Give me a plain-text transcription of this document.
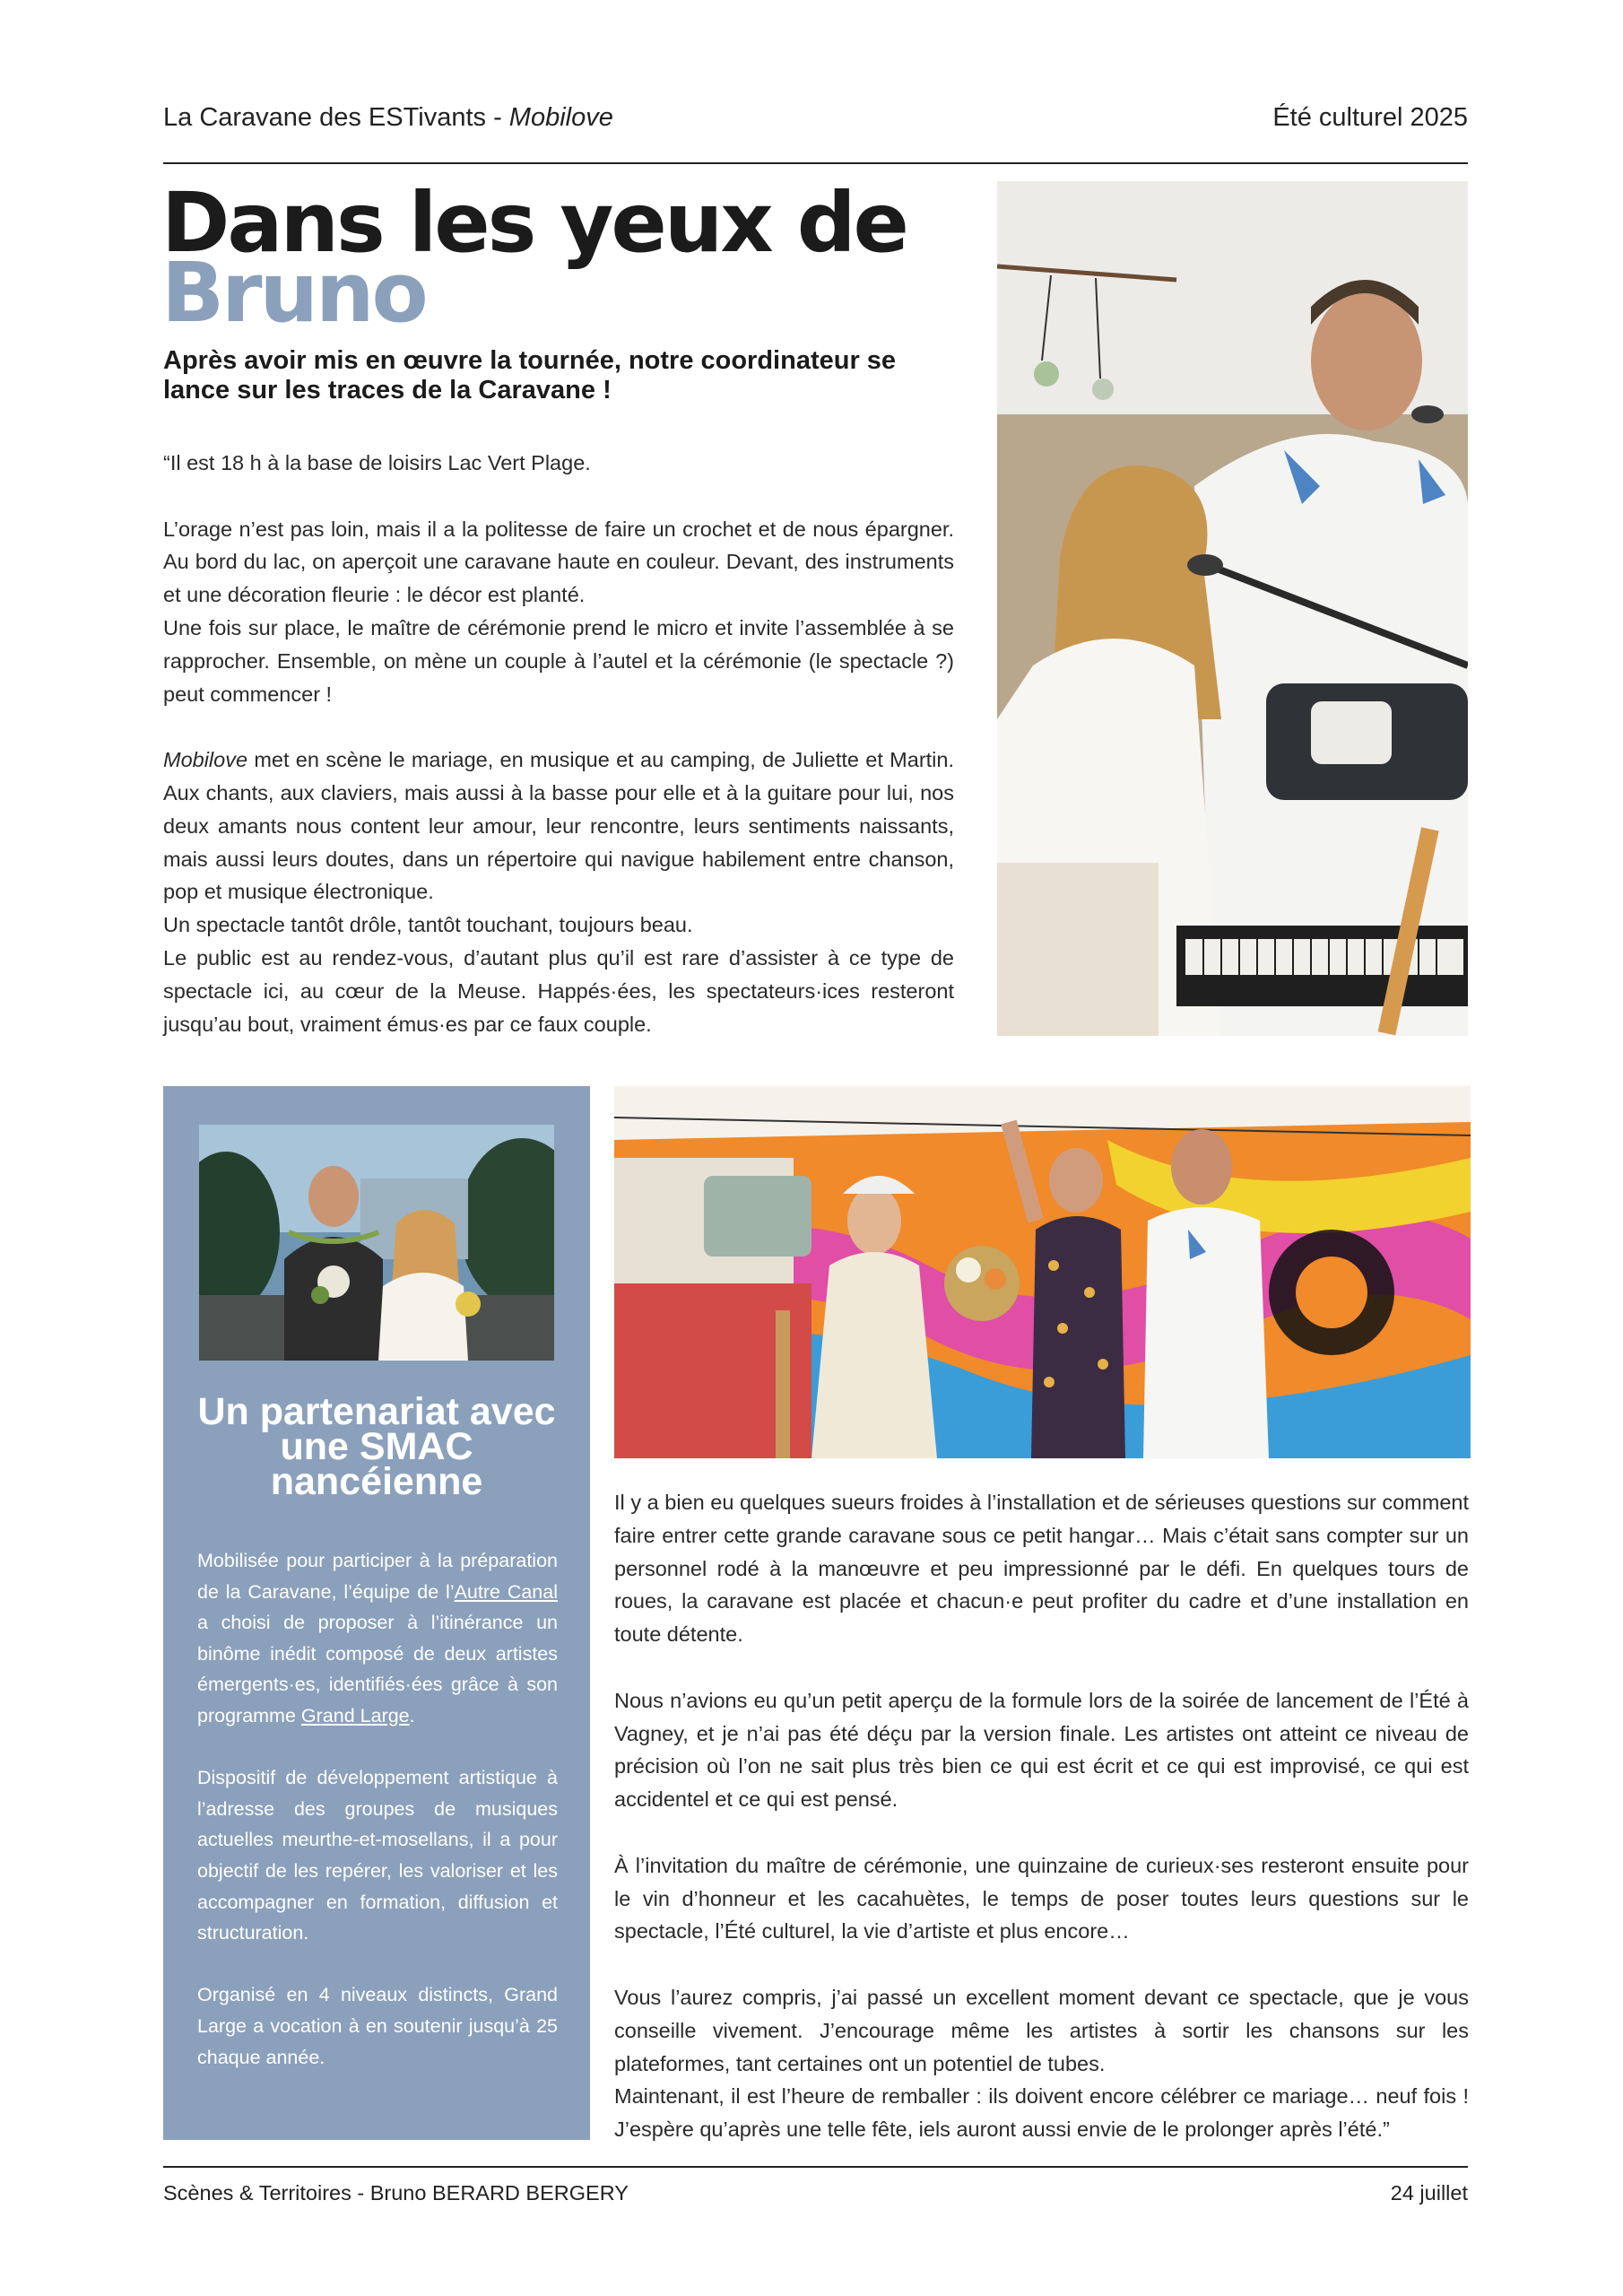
La Caravane des ESTivants - Mobilove	Été culturel 2025
Dans les yeux de
Bruno
Après avoir mis en œuvre la tournée, notre coordinateur se lance sur les traces de la Caravane !

“Il est 18 h à la base de loisirs Lac Vert Plage.

L’orage n’est pas loin, mais il a la politesse de faire un crochet et de nous épargner. Au bord du lac, on aperçoit une caravane haute en couleur. Devant, des instruments et une décoration fleurie : le décor est planté.

Une fois sur place, le maître de cérémonie prend le micro et invite l’assemblée à se rapprocher. Ensemble, on mène un couple à l’autel et la cérémonie (le spectacle ?) peut commencer !

Mobilove met en scène le mariage, en musique et au camping, de Juliette et Martin. Aux chants, aux claviers, mais aussi à la basse pour elle et à la guitare pour lui, nos deux amants nous content leur amour, leur rencontre, leurs sentiments naissants, mais aussi leurs doutes, dans un répertoire qui navigue habilement entre chanson, pop et musique électronique.

Un spectacle tantôt drôle, tantôt touchant, toujours beau.

Le public est au rendez-vous, d’autant plus qu’il est rare d’assister à ce type de spectacle ici, au cœur de la Meuse. Happés·ées, les spectateurs·ices resteront jusqu’au bout, vraiment émus·es par ce faux couple.

Un partenariat avec une SMAC nancéienne

Mobilisée pour participer à la préparation de la Caravane, l’équipe de l’Autre Canal a choisi de proposer à l’itinérance un binôme inédit composé de deux artistes émergents·es, identifiés·ées grâce à son programme Grand Large.

Dispositif de développement artistique à l’adresse des groupes de musiques actuelles meurthe-et-mosellans, il a pour objectif de les repérer, les valoriser et les accompagner en formation, diffusion et structuration.

Organisé en 4 niveaux distincts, Grand Large a vocation à en soutenir jusqu’à 25 chaque année.

Il y a bien eu quelques sueurs froides à l’installation et de sérieuses questions sur comment faire entrer cette grande caravane sous ce petit hangar… Mais c’était sans compter sur un personnel rodé à la manœuvre et peu impressionné par le défi. En quelques tours de roues, la caravane est placée et chacun·e peut profiter du cadre et d’une installation en toute détente.

Nous n’avions eu qu’un petit aperçu de la formule lors de la soirée de lancement de l’Été à Vagney, et je n’ai pas été déçu par la version finale. Les artistes ont atteint ce niveau de précision où l’on ne sait plus très bien ce qui est écrit et ce qui est improvisé, ce qui est accidentel et ce qui est pensé.

À l’invitation du maître de cérémonie, une quinzaine de curieux·ses resteront ensuite pour le vin d’honneur et les cacahuètes, le temps de poser toutes leurs questions sur le spectacle, l’Été culturel, la vie d’artiste et plus encore…

Vous l’aurez compris, j’ai passé un excellent moment devant ce spectacle, que je vous conseille vivement. J’encourage même les artistes à sortir les chansons sur les plateformes, tant certaines ont un potentiel de tubes.

Maintenant, il est l’heure de remballer : ils doivent encore célébrer ce mariage… neuf fois ! J’espère qu’après une telle fête, iels auront aussi envie de le prolonger après l’été.”

Scènes & Territoires - Bruno BERARD BERGERY	24 juillet
